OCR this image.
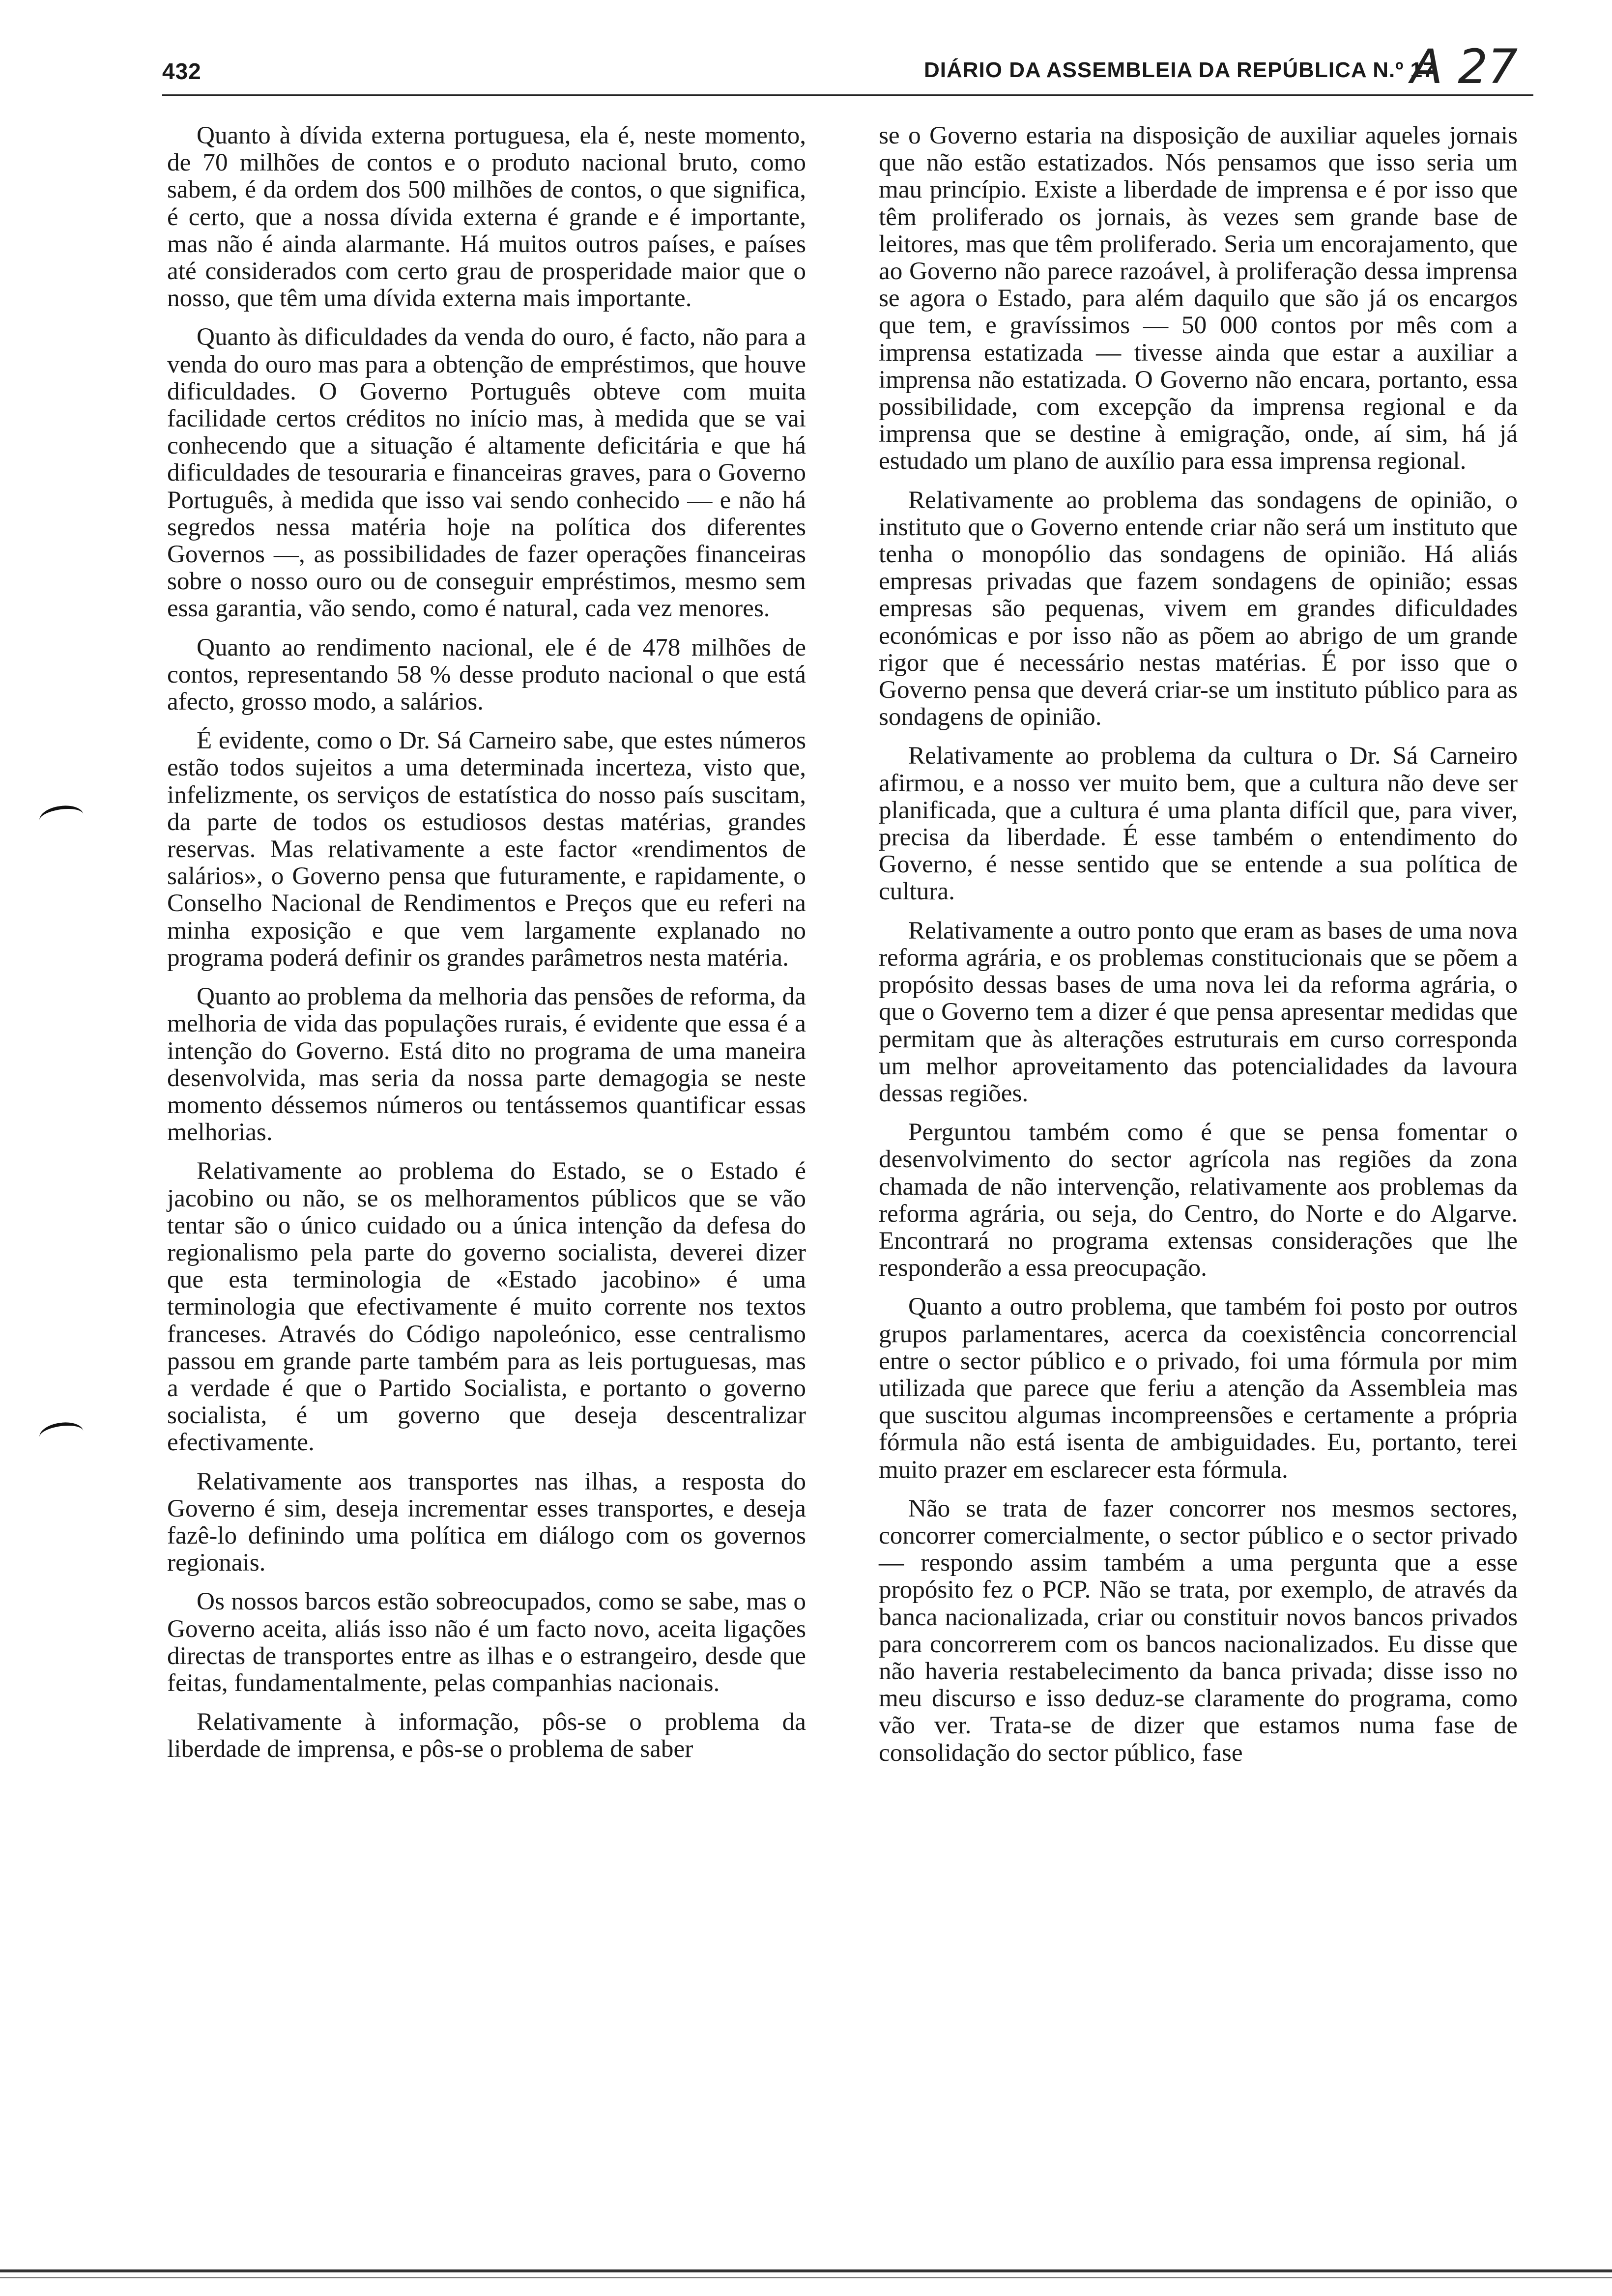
432	DIÁRIO DA ASSEMBLEIA DA REPÚBLICA N.º 17
A 27

Quanto à dívida externa portuguesa, ela é, neste momento, de 70 milhões de contos e o produto nacional bruto, como sabem, é da ordem dos 500 milhões de contos, o que significa, é certo, que a nossa dívida externa é grande e é importante, mas não é ainda alarmante. Há muitos outros países, e países até considerados com certo grau de prosperidade maior que o nosso, que têm uma dívida externa mais importante.

Quanto às dificuldades da venda do ouro, é facto, não para a venda do ouro mas para a obtenção de empréstimos, que houve dificuldades. O Governo Português obteve com muita facilidade certos créditos no início mas, à medida que se vai conhecendo que a situação é altamente deficitária e que há dificuldades de tesouraria e financeiras graves, para o Governo Português, à medida que isso vai sendo conhecido — e não há segredos nessa matéria hoje na política dos diferentes Governos —, as possibilidades de fazer operações financeiras sobre o nosso ouro ou de conseguir empréstimos, mesmo sem essa garantia, vão sendo, como é natural, cada vez menores.

Quanto ao rendimento nacional, ele é de 478 milhões de contos, representando 58 % desse produto nacional o que está afecto, grosso modo, a salários.

É evidente, como o Dr. Sá Carneiro sabe, que estes números estão todos sujeitos a uma determinada incerteza, visto que, infelizmente, os serviços de estatística do nosso país suscitam, da parte de todos os estudiosos destas matérias, grandes reservas. Mas relativamente a este factor «rendimentos de salários», o Governo pensa que futuramente, e rapidamente, o Conselho Nacional de Rendimentos e Preços que eu referi na minha exposição e que vem largamente explanado no programa poderá definir os grandes parâmetros nesta matéria.

Quanto ao problema da melhoria das pensões de reforma, da melhoria de vida das populações rurais, é evidente que essa é a intenção do Governo. Está dito no programa de uma maneira desenvolvida, mas seria da nossa parte demagogia se neste momento déssemos números ou tentássemos quantificar essas melhorias.

Relativamente ao problema do Estado, se o Estado é jacobino ou não, se os melhoramentos públicos que se vão tentar são o único cuidado ou a única intenção da defesa do regionalismo pela parte do governo socialista, deverei dizer que esta terminologia de «Estado jacobino» é uma terminologia que efectivamente é muito corrente nos textos franceses. Através do Código napoleónico, esse centralismo passou em grande parte também para as leis portuguesas, mas a verdade é que o Partido Socialista, e portanto o governo socialista, é um governo que deseja descentralizar efectivamente.

Relativamente aos transportes nas ilhas, a resposta do Governo é sim, deseja incrementar esses transportes, e deseja fazê-lo definindo uma política em diálogo com os governos regionais.

Os nossos barcos estão sobreocupados, como se sabe, mas o Governo aceita, aliás isso não é um facto novo, aceita ligações directas de transportes entre as ilhas e o estrangeiro, desde que feitas, fundamentalmente, pelas companhias nacionais.

Relativamente à informação, pôs-se o problema da liberdade de imprensa, e pôs-se o problema de saber

se o Governo estaria na disposição de auxiliar aqueles jornais que não estão estatizados. Nós pensamos que isso seria um mau princípio. Existe a liberdade de imprensa e é por isso que têm proliferado os jornais, às vezes sem grande base de leitores, mas que têm proliferado. Seria um encorajamento, que ao Governo não parece razoável, à proliferação dessa imprensa se agora o Estado, para além daquilo que são já os encargos que tem, e gravíssimos — 50 000 contos por mês com a imprensa estatizada — tivesse ainda que estar a auxiliar a imprensa não estatizada. O Governo não encara, portanto, essa possibilidade, com excepção da imprensa regional e da imprensa que se destine à emigração, onde, aí sim, há já estudado um plano de auxílio para essa imprensa regional.

Relativamente ao problema das sondagens de opinião, o instituto que o Governo entende criar não será um instituto que tenha o monopólio das sondagens de opinião. Há aliás empresas privadas que fazem sondagens de opinião; essas empresas são pequenas, vivem em grandes dificuldades económicas e por isso não as põem ao abrigo de um grande rigor que é necessário nestas matérias. É por isso que o Governo pensa que deverá criar-se um instituto público para as sondagens de opinião.

Relativamente ao problema da cultura o Dr. Sá Carneiro afirmou, e a nosso ver muito bem, que a cultura não deve ser planificada, que a cultura é uma planta difícil que, para viver, precisa da liberdade. É esse também o entendimento do Governo, é nesse sentido que se entende a sua política de cultura.

Relativamente a outro ponto que eram as bases de uma nova reforma agrária, e os problemas constitucionais que se põem a propósito dessas bases de uma nova lei da reforma agrária, o que o Governo tem a dizer é que pensa apresentar medidas que permitam que às alterações estruturais em curso corresponda um melhor aproveitamento das potencialidades da lavoura dessas regiões.

Perguntou também como é que se pensa fomentar o desenvolvimento do sector agrícola nas regiões da zona chamada de não intervenção, relativamente aos problemas da reforma agrária, ou seja, do Centro, do Norte e do Algarve. Encontrará no programa extensas considerações que lhe responderão a essa preocupação.

Quanto a outro problema, que também foi posto por outros grupos parlamentares, acerca da coexistência concorrencial entre o sector público e o privado, foi uma fórmula por mim utilizada que parece que feriu a atenção da Assembleia mas que suscitou algumas incompreensões e certamente a própria fórmula não está isenta de ambiguidades. Eu, portanto, terei muito prazer em esclarecer esta fórmula.

Não se trata de fazer concorrer nos mesmos sectores, concorrer comercialmente, o sector público e o sector privado — respondo assim também a uma pergunta que a esse propósito fez o PCP. Não se trata, por exemplo, de através da banca nacionalizada, criar ou constituir novos bancos privados para concorrerem com os bancos nacionalizados. Eu disse que não haveria restabelecimento da banca privada; disse isso no meu discurso e isso deduz-se claramente do programa, como vão ver. Trata-se de dizer que estamos numa fase de consolidação do sector público, fase
